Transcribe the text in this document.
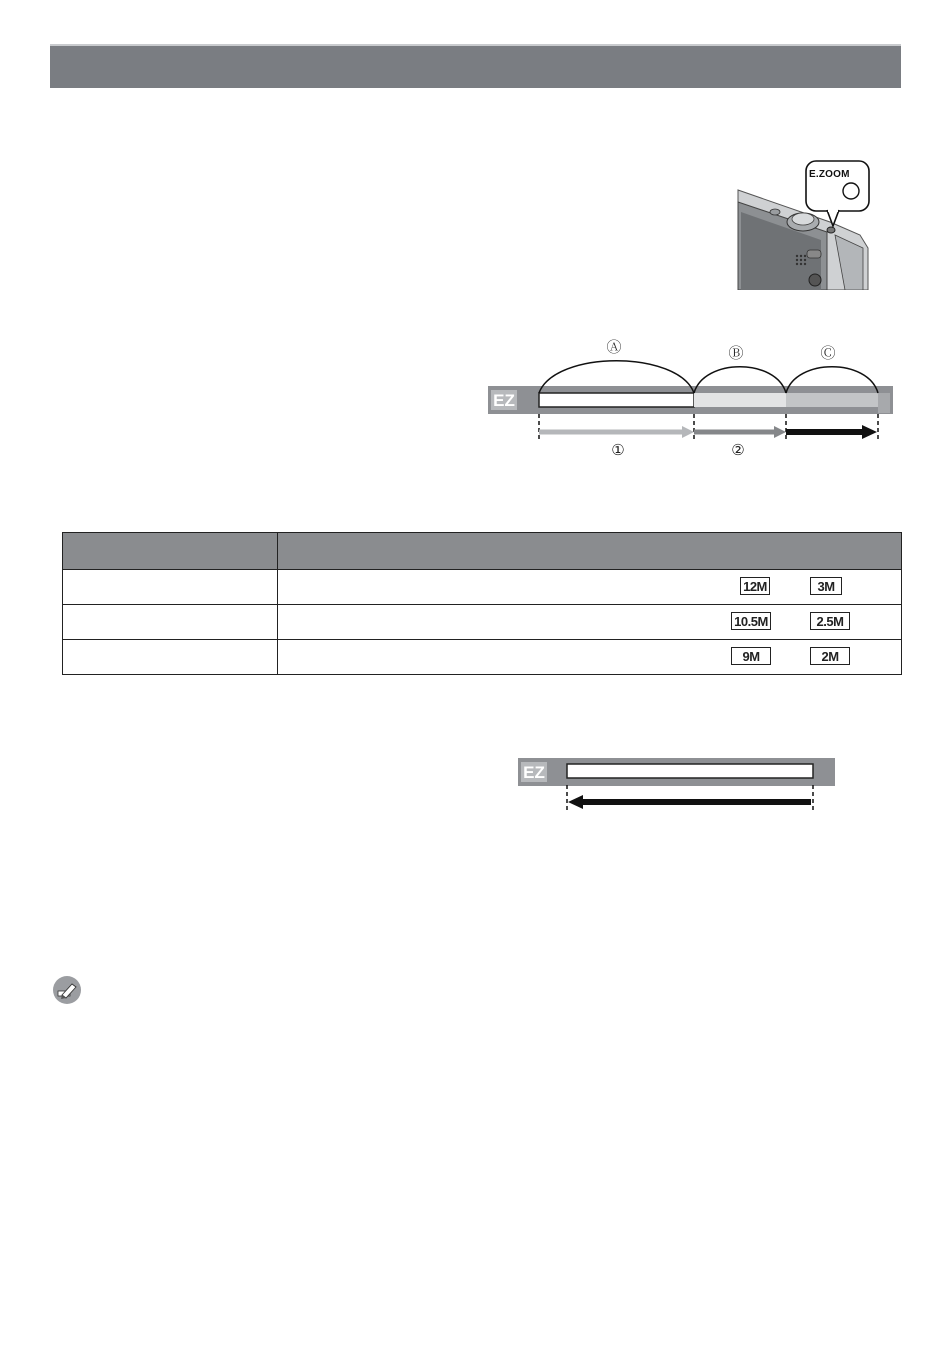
E.ZOOM
EZ
Ⓐ	Ⓑ	Ⓒ
①	②

	12M 3M

	10.5M 2.5M

	9M 2M
EZ
